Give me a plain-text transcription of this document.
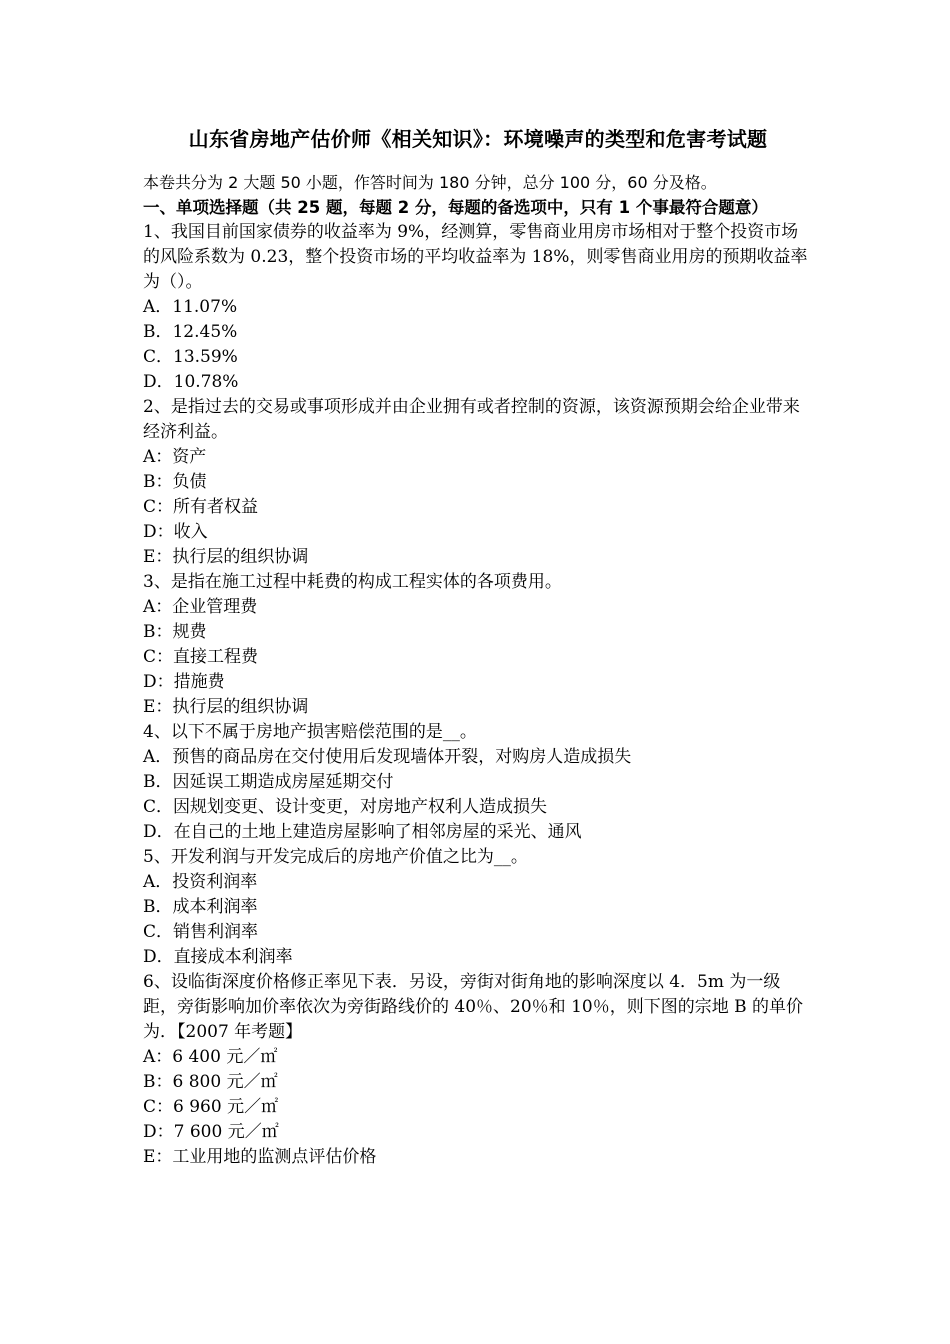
山东省房地产估价师《相关知识》：环境噪声的类型和危害考试题

本卷共分为 2 大题 50 小题，作答时间为 180 分钟，总分 100 分，60 分及格。

一、单项选择题（共 25 题，每题 2 分，每题的备选项中，只有 1 个事最符合题意）

1、我国目前国家债券的收益率为 9%，经测算，零售商业用房市场相对于整个投资市场的风险系数为 0.23，整个投资市场的平均收益率为 18%，则零售商业用房的预期收益率为（）。

A．11.07%

B．12.45%

C．13.59%

D．10.78%

2、是指过去的交易或事项形成并由企业拥有或者控制的资源，该资源预期会给企业带来经济利益。

A：资产

B：负债

C：所有者权益

D：收入

E：执行层的组织协调

3、是指在施工过程中耗费的构成工程实体的各项费用。

A：企业管理费

B：规费

C：直接工程费

D：措施费

E：执行层的组织协调

4、以下不属于房地产损害赔偿范围的是__。

A．预售的商品房在交付使用后发现墙体开裂，对购房人造成损失

B．因延误工期造成房屋延期交付

C．因规划变更、设计变更，对房地产权利人造成损失

D．在自己的土地上建造房屋影响了相邻房屋的采光、通风

5、开发利润与开发完成后的房地产价值之比为__。

A．投资利润率

B．成本利润率

C．销售利润率

D．直接成本利润率

6、设临街深度价格修正率见下表．另设，旁街对街角地的影响深度以 4．5m 为一级距，旁街影响加价率依次为旁街路线价的 40％、20％和 10％，则下图的宗地 B 的单价为．【2007 年考题】

A：6 400 元／㎡

B：6 800 元／㎡

C：6 960 元／㎡

D：7 600 元／㎡

E：工业用地的监测点评估价格
